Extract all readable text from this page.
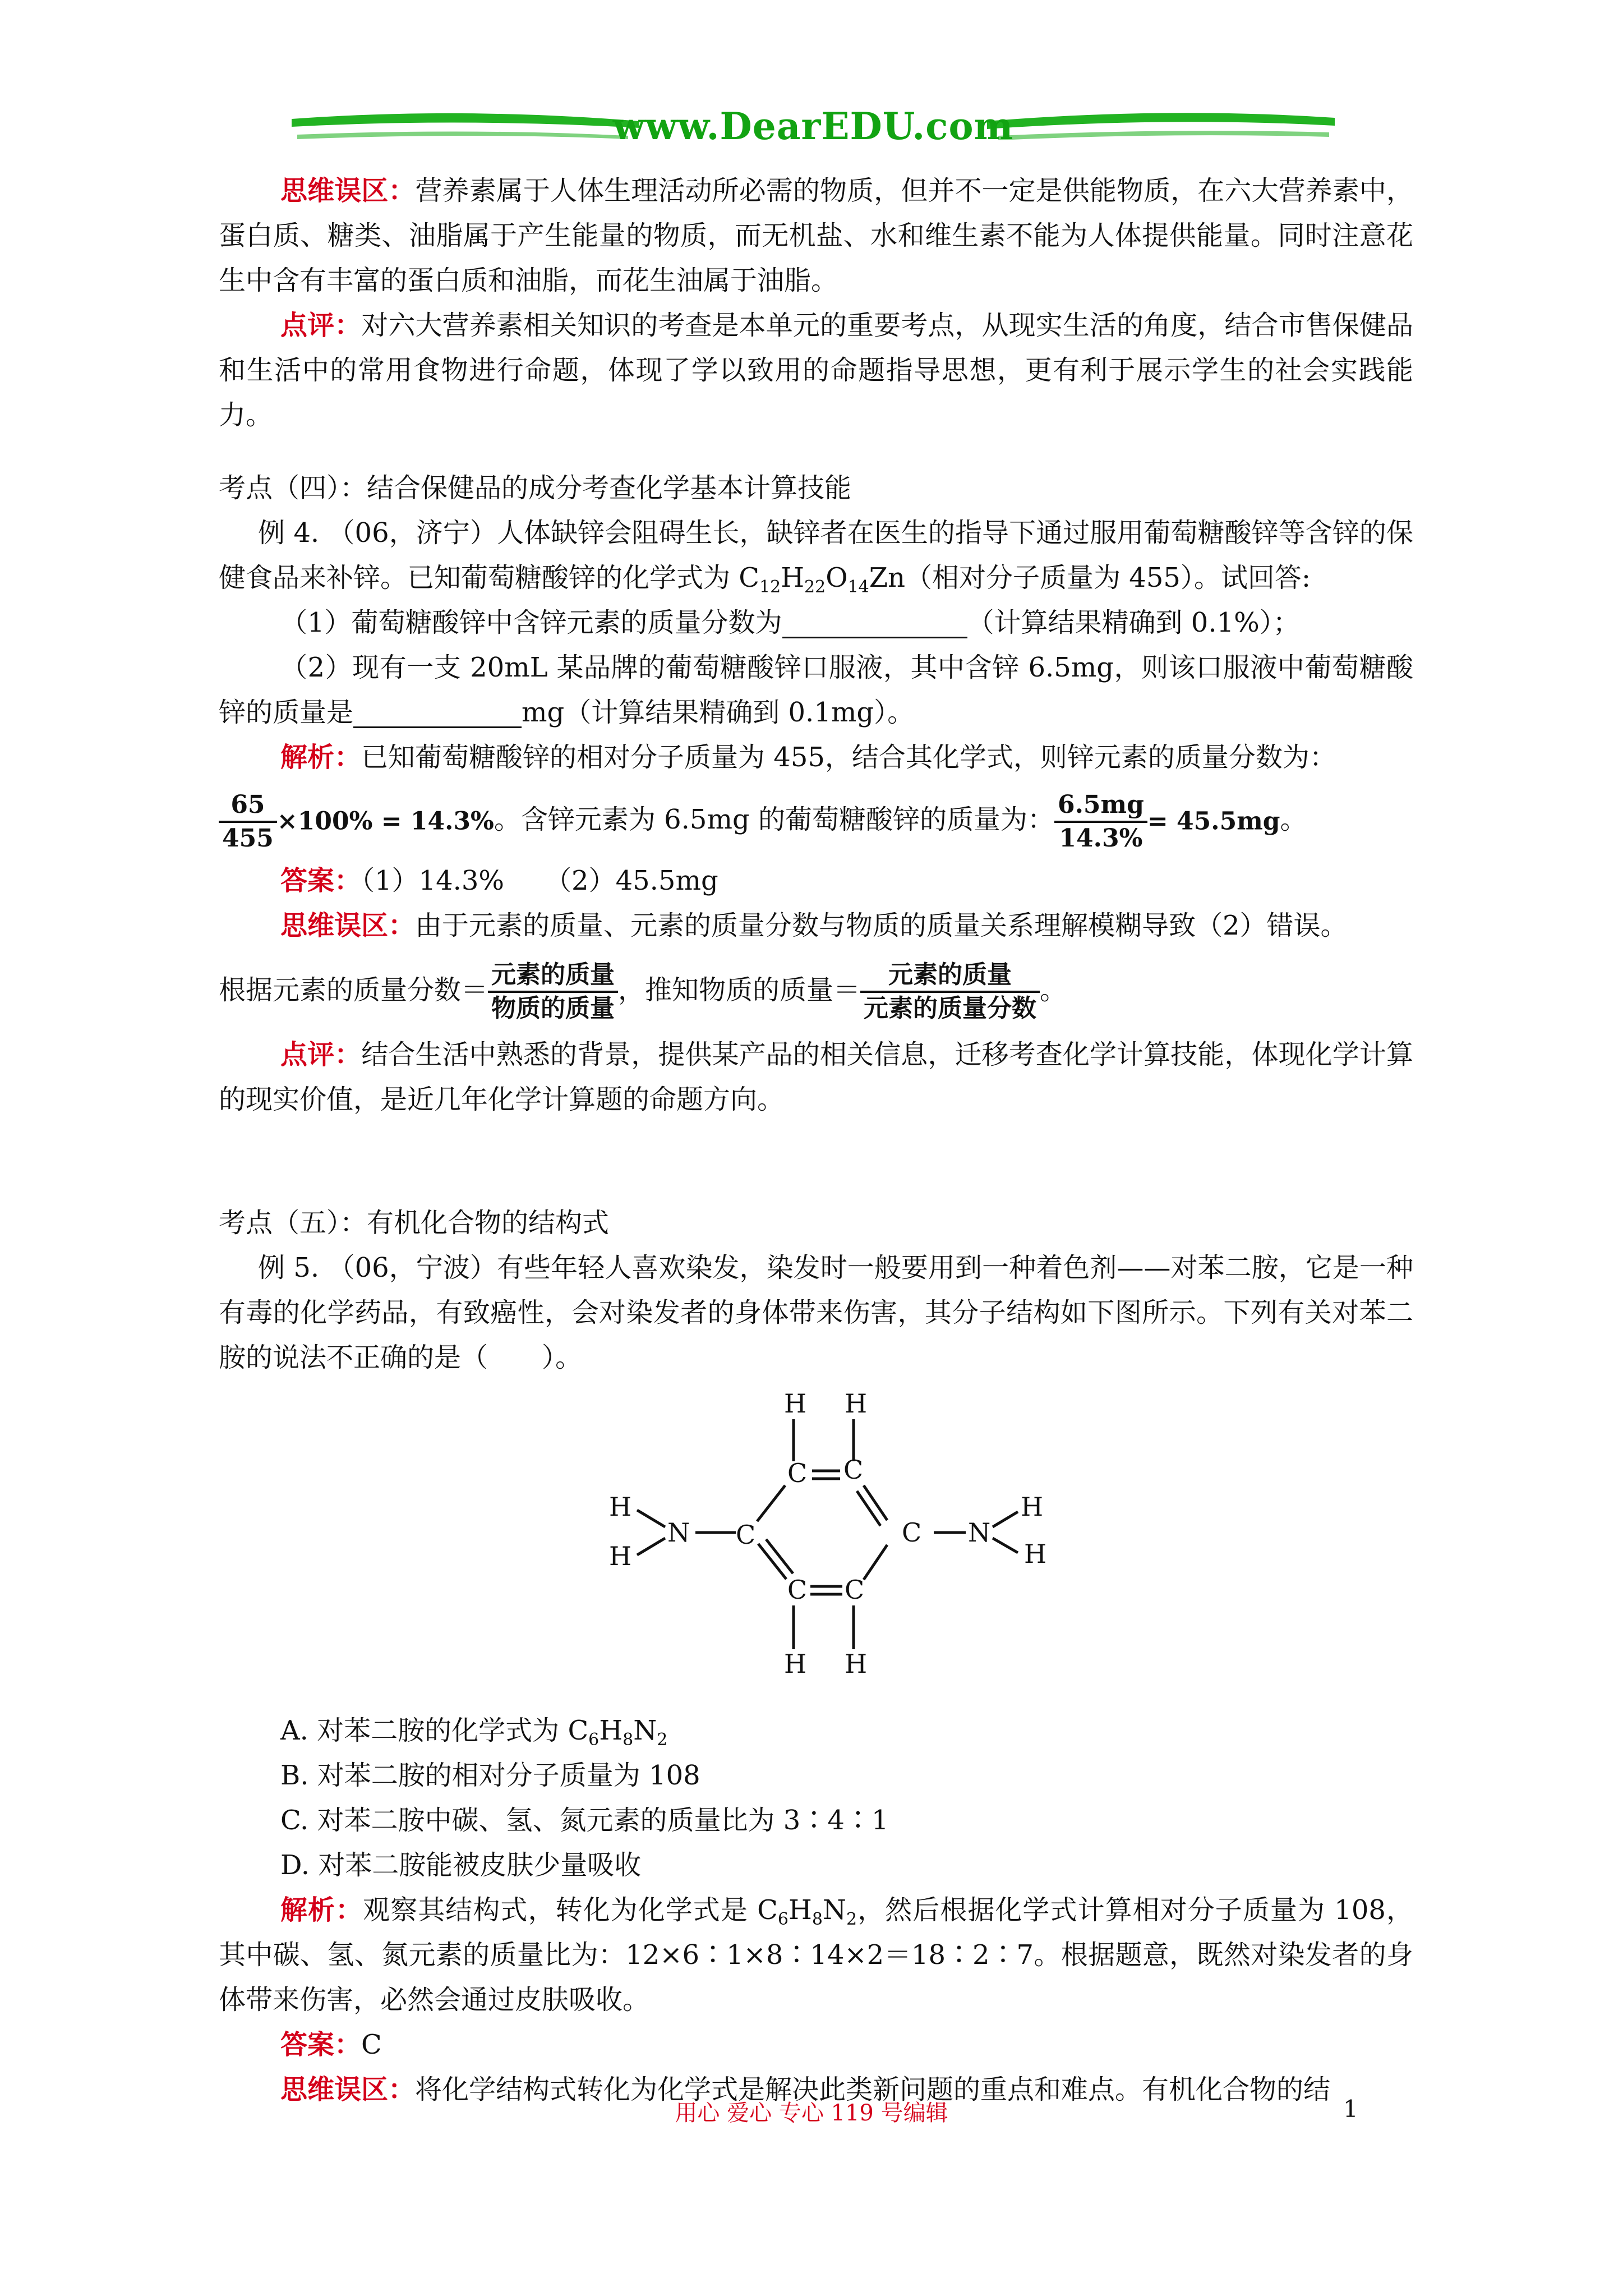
www.DearEDU.com

思维误区：营养素属于人体生理活动所必需的物质，但并不一定是供能物质，在六大营养素中，蛋白质、糖类、油脂属于产生能量的物质，而无机盐、水和维生素不能为人体提供能量。同时注意花生中含有丰富的蛋白质和油脂，而花生油属于油脂。

点评：对六大营养素相关知识的考查是本单元的重要考点，从现实生活的角度，结合市售保健品和生活中的常用食物进行命题，体现了学以致用的命题指导思想，更有利于展示学生的社会实践能力。

考点（四）：结合保健品的成分考查化学基本计算技能

例 4. （06，济宁）人体缺锌会阻碍生长，缺锌者在医生的指导下通过服用葡萄糖酸锌等含锌的保健食品来补锌。已知葡萄糖酸锌的化学式为 $C_{12}H_{22}O_{14}Zn$（相对分子质量为 455）。试回答:

（1）葡萄糖酸锌中含锌元素的质量分数为	（计算结果精确到 0.1%）；

（2）现有一支 20mL 某品牌的葡萄糖酸锌口服液，其中含锌 6.5mg，则该口服液中葡萄糖酸锌的质量是	mg（计算结果精确到 0.1mg）。

解析：已知葡萄糖酸锌的相对分子质量为 455，结合其化学式，则锌元素的质量分数为：

$\frac{65}{455} \times 100\% = 14.3\%$。含锌元素为 6.5mg 的葡萄糖酸锌的质量为： $\frac{6.5mg}{14.3\%} = 45.5mg$。

答案：（1）14.3%　　（2）45.5mg

思维误区：由于元素的质量、元素的质量分数与物质的质量关系理解模糊导致（2）错误。

根据元素的质量分数＝ $\frac{\text{元素的质量}}{\text{物质的质量}}$ ，推知物质的质量＝ $\frac{\text{元素的质量}}{\text{元素的质量分数}}$ 。

点评：结合生活中熟悉的背景，提供某产品的相关信息，迁移考查化学计算技能，体现化学计算的现实价值，是近几年化学计算题的命题方向。

考点（五）：有机化合物的结构式

例 5. （06，宁波）有些年轻人喜欢染发，染发时一般要用到一种着色剂——对苯二胺，它是一种有毒的化学药品，有致癌性，会对染发者的身体带来伤害，其分子结构如下图所示。下列有关对苯二胺的说法不正确的是（　　）。

H H
C C
H
N C	C N
H
H	H
C C
H H

A. 对苯二胺的化学式为 $C_6H_8N_2$

B. 对苯二胺的相对分子质量为 108

C. 对苯二胺中碳、氢、氮元素的质量比为 3∶4∶1

D. 对苯二胺能被皮肤少量吸收

解析：观察其结构式，转化为化学式是 $C_6H_8N_2$，然后根据化学式计算相对分子质量为 108，其中碳、氢、氮元素的质量比为：12×6∶1×8∶14×2＝18∶2∶7。根据题意，既然对染发者的身体带来伤害，必然会通过皮肤吸收。

答案：C

思维误区：将化学结构式转化为化学式是解决此类新问题的重点和难点。有机化合物的结

用心 爱心 专心 119 号编辑	1
